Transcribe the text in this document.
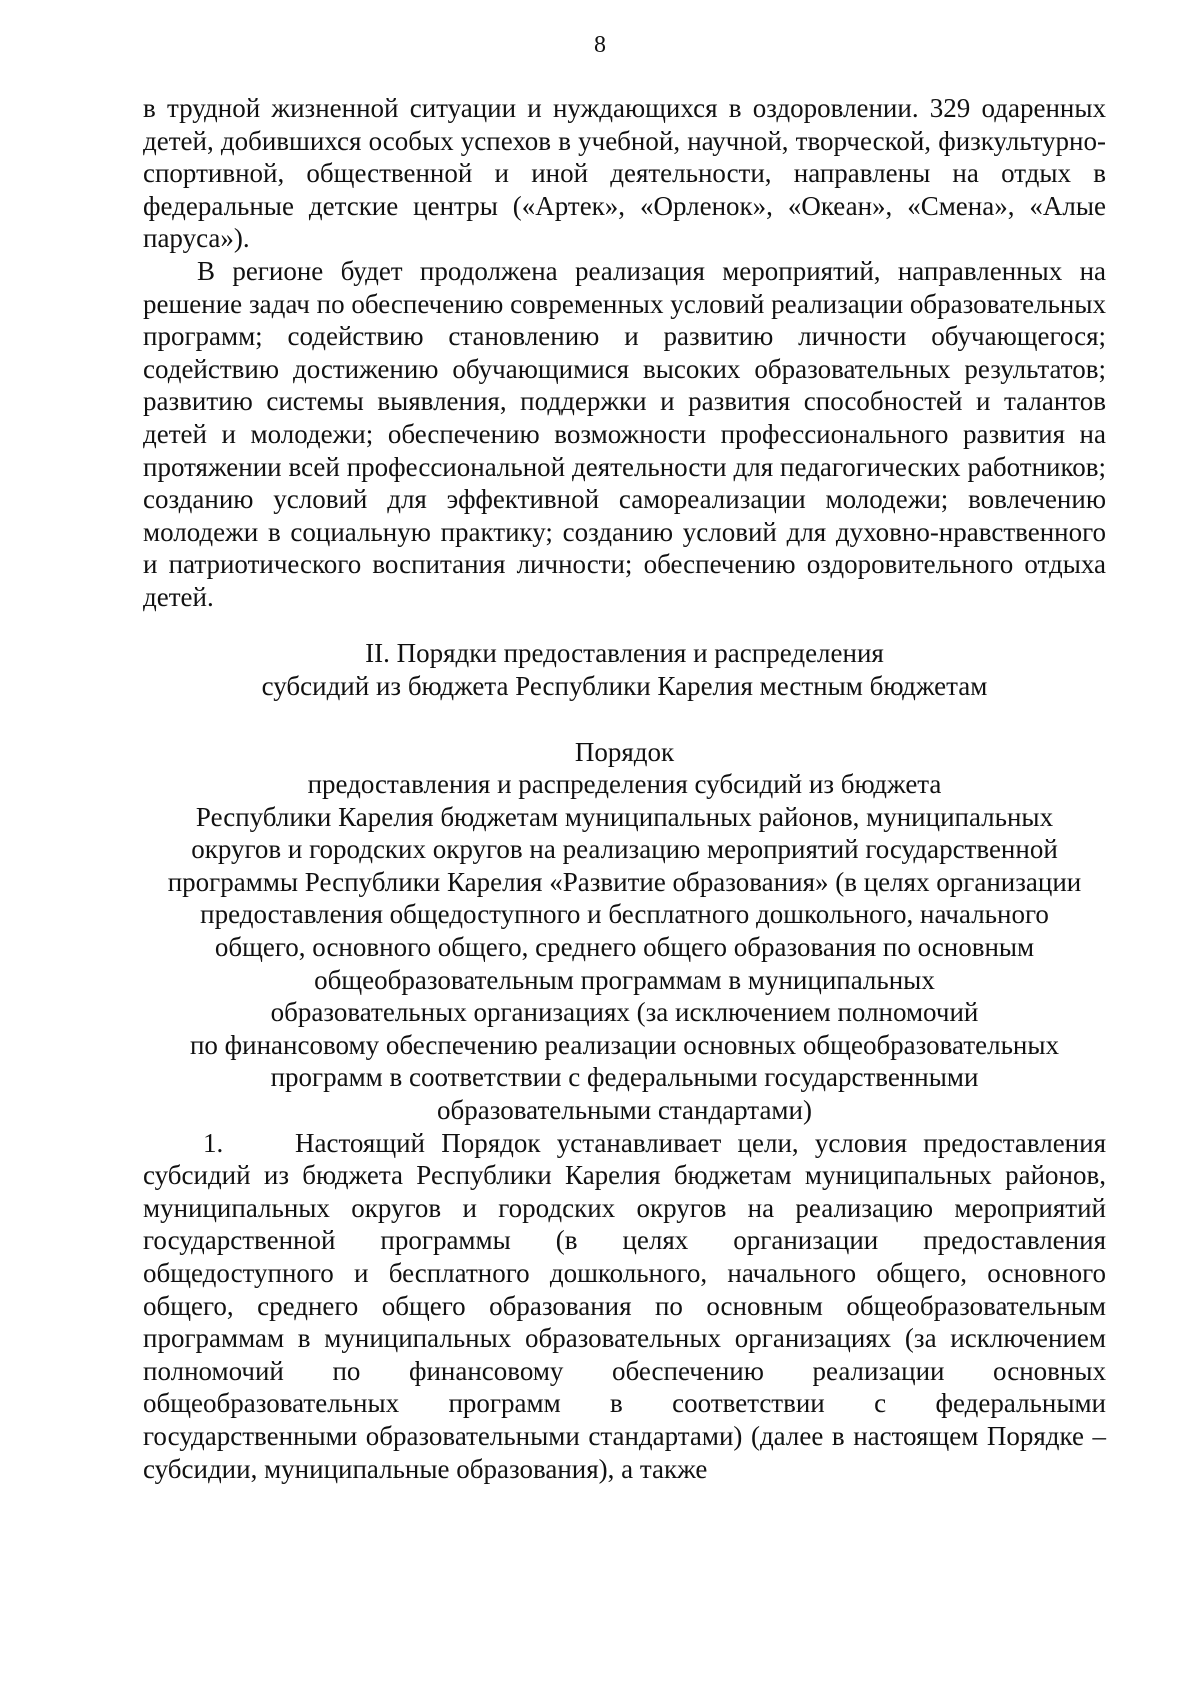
8

в трудной жизненной ситуации и нуждающихся в оздоровлении. 329 одаренных детей, добившихся особых успехов в учебной, научной, творческой, физкультурно-спортивной, общественной и иной деятельности, направлены на отдых в федеральные детские центры («Артек», «Орленок», «Океан», «Смена», «Алые паруса»).

В регионе будет продолжена реализация мероприятий, направленных на решение задач по обеспечению современных условий реализации образовательных программ; содействию становлению и развитию личности обучающегося; содействию достижению обучающимися высоких образовательных результатов; развитию системы выявления, поддержки и развития способностей и талантов детей и молодежи; обеспечению возможности профессионального развития на протяжении всей профессиональной деятельности для педагогических работников; созданию условий для эффективной самореализации молодежи; вовлечению молодежи в социальную практику; созданию условий для духовно-нравственного и патриотического воспитания личности; обеспечению оздоровительного отдыха детей.

II. Порядки предоставления и распределения
субсидий из бюджета Республики Карелия местным бюджетам
Порядок
предоставления и распределения субсидий из бюджета
Республики Карелия бюджетам муниципальных районов, муниципальных
округов и городских округов на реализацию мероприятий государственной
программы Республики Карелия «Развитие образования» (в целях организации
предоставления общедоступного и бесплатного дошкольного, начального
общего, основного общего, среднего общего образования по основным
общеобразовательным программам в муниципальных
образовательных организациях (за исключением полномочий
по финансовому обеспечению реализации основных общеобразовательных
программ в соответствии с федеральными государственными
образовательными стандартами)

1.	Настоящий Порядок устанавливает цели, условия предоставления субсидий из бюджета Республики Карелия бюджетам муниципальных районов, муниципальных округов и городских округов на реализацию мероприятий государственной программы (в целях организации предоставления общедоступного и бесплатного дошкольного, начального общего, основного общего, среднего общего образования по основным общеобразовательным программам в муниципальных образовательных организациях (за исключением полномочий по финансовому обеспечению реализации основных общеобразовательных программ в соответствии с федеральными государственными образовательными стандартами) (далее в настоящем Порядке – субсидии, муниципальные образования), а также
